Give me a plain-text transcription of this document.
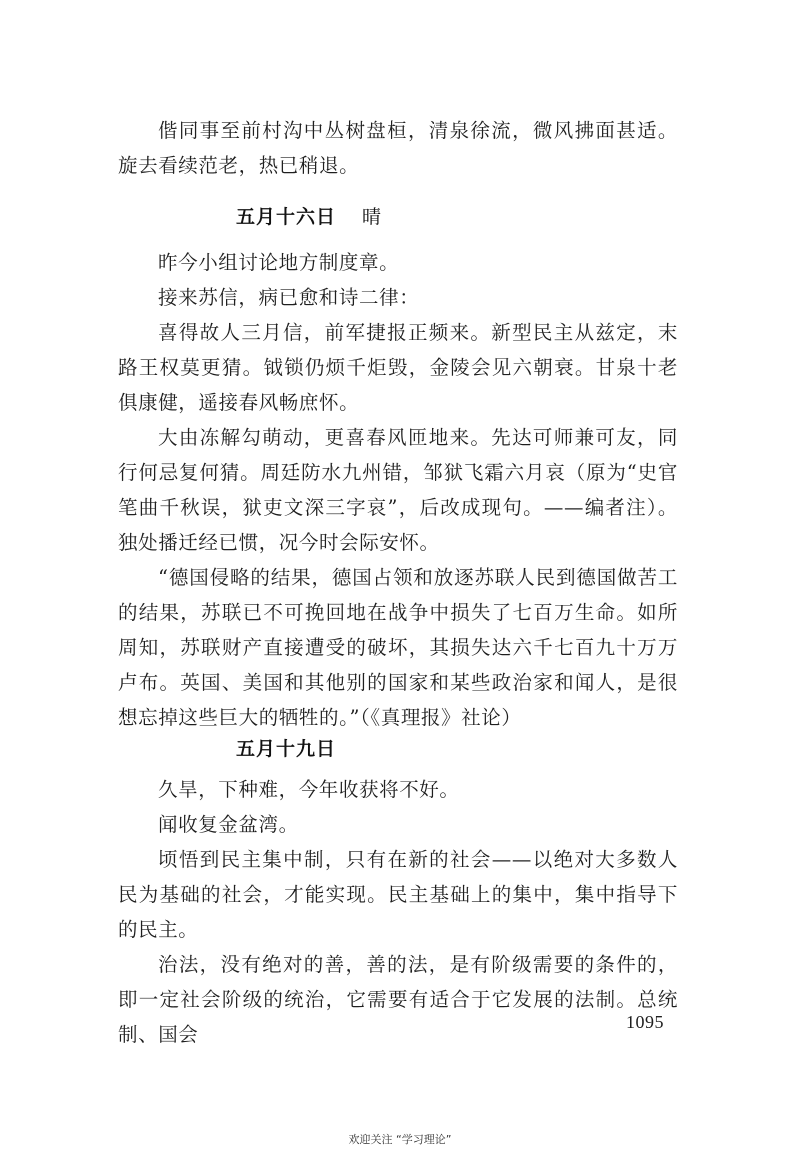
偕同事至前村沟中丛树盘桓，清泉徐流，微风拂面甚适。旋去看续范老，热已稍退。

五月十六日 晴

昨今小组讨论地方制度章。

接来苏信，病已愈和诗二律：

喜得故人三月信，前军捷报正频来。新型民主从兹定，末路王权莫更猜。钺锁仍烦千炬毁，金陵会见六朝衰。甘泉十老俱康健，遥接春风畅庶怀。

大由冻解勾萌动，更喜春风匝地来。先达可师兼可友，同行何忌复何猜。周廷防水九州错，邹狱飞霜六月哀（原为“史官笔曲千秋误，狱吏文深三字哀”，后改成现句。——编者注）。独处播迁经已惯，况今时会际安怀。

“德国侵略的结果，德国占领和放逐苏联人民到德国做苦工的结果，苏联已不可挽回地在战争中损失了七百万生命。如所周知，苏联财产直接遭受的破坏，其损失达六千七百九十万万卢布。英国、美国和其他别的国家和某些政治家和闻人，是很想忘掉这些巨大的牺牲的。”（《真理报》社论）

五月十九日

久旱，下种难，今年收获将不好。

闻收复金盆湾。

顷悟到民主集中制，只有在新的社会——以绝对大多数人民为基础的社会，才能实现。民主基础上的集中，集中指导下的民主。

治法，没有绝对的善，善的法，是有阶级需要的条件的，即一定社会阶级的统治，它需要有适合于它发展的法制。总统制、国会

1095
欢迎关注 “学习理论”
